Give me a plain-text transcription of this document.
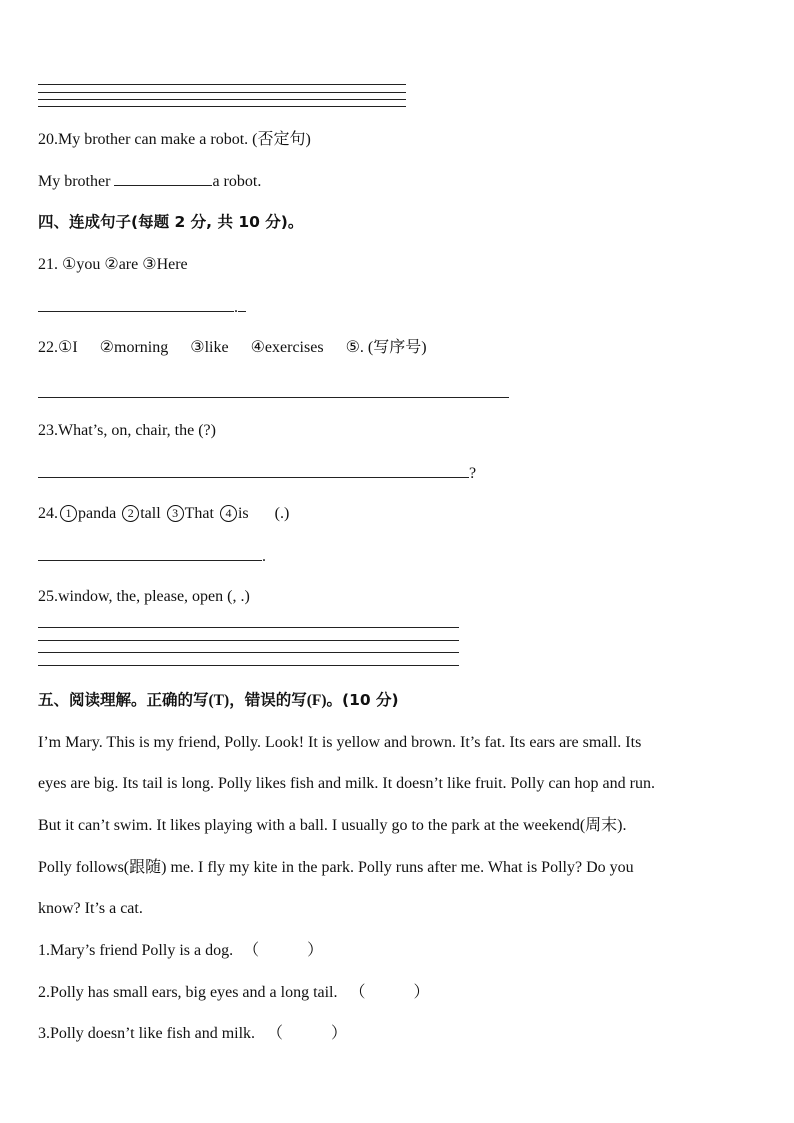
20.My brother can make a robot. (否定句)
My brother	a robot.
四、连成句子(每题 2 分, 共 10 分)。
21. ①you ②are ③Here
.
22.①I ②morning ③like ④exercises ⑤. (写序号)
23.What’s, on, chair, the (?)
?
24. 1 panda 2 tall 3 That 4 is (.)
.
25.window, the, please, open (, .)
五、阅读理解。正确的写(T)，错误的写(F)。(10 分)
I’m Mary. This is my friend, Polly. Look! It is yellow and brown. It’s fat. Its ears are small. Its
eyes are big. Its tail is long. Polly likes fish and milk. It doesn’t like fruit. Polly can hop and run.
But it can’t swim. It likes playing with a ball. I usually go to the park at the weekend(周末).
Polly follows(跟随) me. I fly my kite in the park. Polly runs after me. What is Polly? Do you
know? It’s a cat.
1.Mary’s friend Polly is a dog. （	）
2.Polly has small ears, big eyes and a long tail. （	）
3.Polly doesn’t like fish and milk. （	）
